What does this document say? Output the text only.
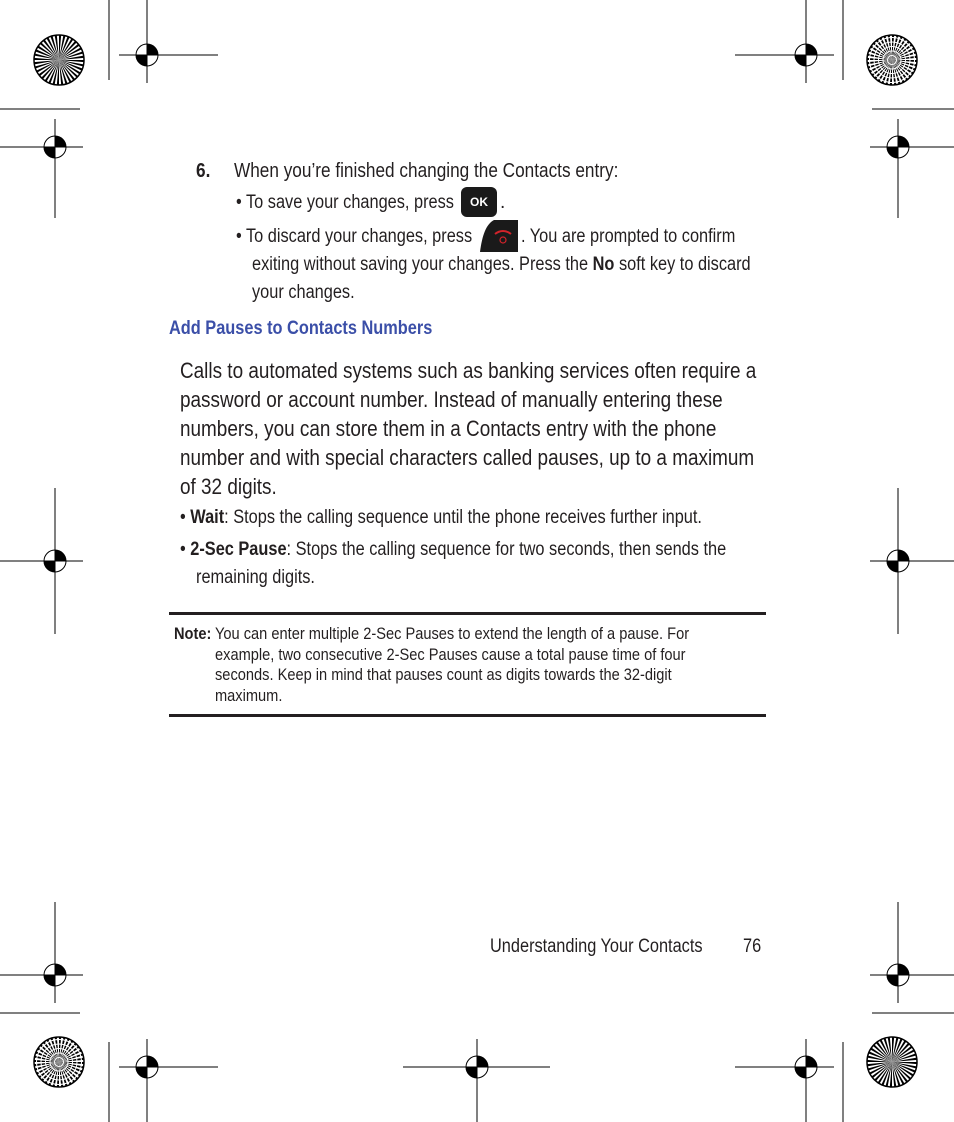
6. When you’re finished changing the Contacts entry:
• To save your changes, press	OK .
• To discard your changes, press	. You are prompted to confirm
exiting without saving your changes. Press the No soft key to discard
your changes.
Add Pauses to Contacts Numbers
Calls to automated systems such as banking services often require a
password or account number. Instead of manually entering these
numbers, you can store them in a Contacts entry with the phone
number and with special characters called pauses, up to a maximum
of 32 digits.
• Wait: Stops the calling sequence until the phone receives further input.
• 2-Sec Pause: Stops the calling sequence for two seconds, then sends the
remaining digits.
Note: You can enter multiple 2-Sec Pauses to extend the length of a pause. For
example, two consecutive 2-Sec Pauses cause a total pause time of four
seconds. Keep in mind that pauses count as digits towards the 32-digit
maximum.
Understanding Your Contacts 76
